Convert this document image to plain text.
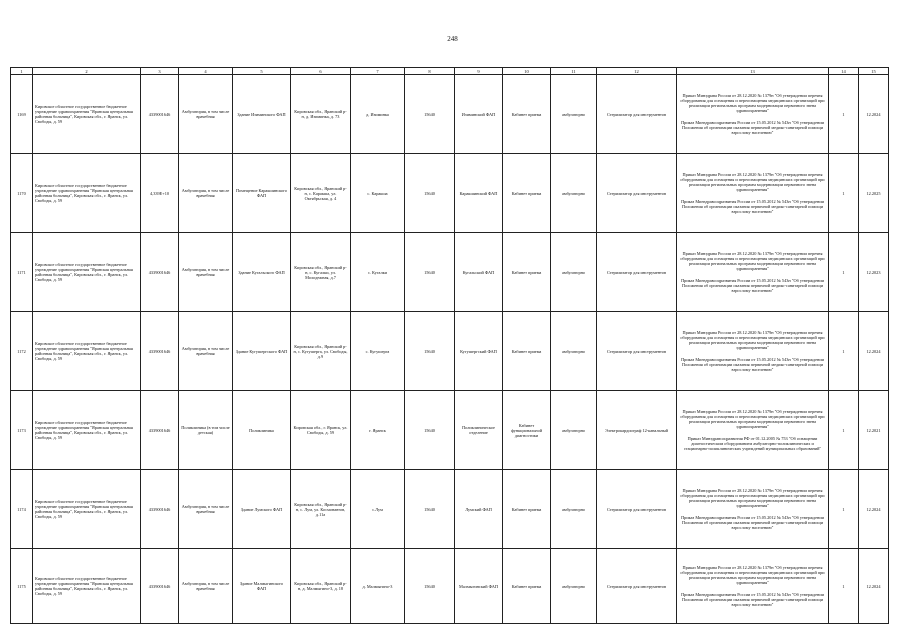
248
1	2	3	4	5	6	7	8	9	10	11	12	13	14	15
1169	Кировское областное государственное бюджетное учреждение здравоохранения "Яранская центральная районная больница", Кировская обл., г. Яранск, ул. Свободы, д. 59	4339001646	Амбулатория, в том числе врачебная	Здание Изиминского ФАП	Кировская обл., Яранский р-н, д. Изиминка, д. 73	д. Изиминка	15640	Изиминский ФАП	Кабинет приема	амбулаторно	Стерилизатор для инструментов	Приказ Минздрава России от 28.12.2020 № 1379н "Об утверждении перечня оборудования для оснащения и переоснащения медицинских организаций при реализации региональных программ модернизации первичного звена здравоохранения"
Приказ Минздравсоцразвития России от 15.05.2012 № 543н "Об утверждении Положения об организации оказания первичной медико-санитарной помощи взрослому населению"	1	12.2024
1170	Кировское областное государственное бюджетное учреждение здравоохранения "Яранская центральная районная больница", Кировская обл., г. Яранск, ул. Свободы, д. 59	4,339E+10	Амбулатория, в том числе врачебная	Помещение Каракшинского ФАП	Кировская обл., Яранский р-н, с. Каракша, ул. Октябрьская, д. 4	с. Каракша	15640	Каракшинский ФАП	Кабинет приема	амбулаторно	Стерилизатор для инструментов	Приказ Минздрава России от 28.12.2020 № 1379н "Об утверждении перечня оборудования для оснащения и переоснащения медицинских организаций при реализации региональных программ модернизации первичного звена здравоохранения"
Приказ Минздравсоцразвития России от 15.05.2012 № 543н "Об утверждении Положения об организации оказания первичной медико-санитарной помощи взрослому населению"	1	12.2025
1171	Кировское областное государственное бюджетное учреждение здравоохранения "Яранская центральная районная больница", Кировская обл., г. Яранск, ул. Свободы, д. 59	4339001646	Амбулатория, в том числе врачебная	Здание Кугальского ФАП	Кировская обл., Яранский р-н, с. Кугалки, ул. Молодежная, д.7	с. Кугалки	15640	Кугальский ФАП	Кабинет приема	амбулаторно	Стерилизатор для инструментов	Приказ Минздрава России от 28.12.2020 № 1379н "Об утверждении перечня оборудования для оснащения и переоснащения медицинских организаций при реализации региональных программ модернизации первичного звена здравоохранения"
Приказ Минздравсоцразвития России от 15.05.2012 № 543н "Об утверждении Положения об организации оказания первичной медико-санитарной помощи взрослому населению"	1	12.2023
1172	Кировское областное государственное бюджетное учреждение здравоохранения "Яранская центральная районная больница", Кировская обл., г. Яранск, ул. Свободы, д. 59	4339001646	Амбулатория, в том числе врачебная	Здание Кугушергского ФАП	Кировская обл., Яранский р-н, с. Кугушерга, ул. Свободы, д.9	с. Кугушерга	15640	Кугушергский ФАП	Кабинет приема	амбулаторно	Стерилизатор для инструментов	Приказ Минздрава России от 28.12.2020 № 1379н "Об утверждении перечня оборудования для оснащения и переоснащения медицинских организаций при реализации региональных программ модернизации первичного звена здравоохранения"
Приказ Минздравсоцразвития России от 15.05.2012 № 543н "Об утверждении Положения об организации оказания первичной медико-санитарной помощи взрослому населению"	1	12.2024
1173	Кировское областное государственное бюджетное учреждение здравоохранения "Яранская центральная районная больница", Кировская обл., г. Яранск, ул. Свободы, д. 59	4339001646	Поликлиника (в том числе детская)	Поликлиника	Кировская обл., г. Яранск, ул. Свободы, д. 59	г. Яранск	15640	Поликлиническое отделение	Кабинет функциональной диагностики	амбулаторно	Электрокардиограф 12-канальный	Приказ Минздрава России от 28.12.2020 № 1379н "Об утверждении перечня оборудования для оснащения и переоснащения медицинских организаций при реализации региональных программ модернизации первичного звена здравоохранения"
Приказ Минздравсоцразвития РФ от 01.12.2005 № 753 "Об оснащении диагностическим оборудованием амбулаторно-поликлинических и стационарно-поликлинических учреждений муниципальных образований"	1	12.2021
1174	Кировское областное государственное бюджетное учреждение здравоохранения "Яранская центральная районная больница", Кировская обл., г. Яранск, ул. Свободы, д. 59	4339001646	Амбулатория, в том числе врачебная	Здание Лумского ФАП	Кировская обл., Яранский р-н, с. Лум, ул. Космонавтов, д.11а	с.Лум	15640	Лумский ФАП	Кабинет приема	амбулаторно	Стерилизатор для инструментов	Приказ Минздрава России от 28.12.2020 № 1379н "Об утверждении перечня оборудования для оснащения и переоснащения медицинских организаций при реализации региональных программ модернизации первичного звена здравоохранения"
Приказ Минздравсоцразвития России от 15.05.2012 № 543н "Об утверждении Положения об организации оказания первичной медико-санитарной помощи взрослому населению"	1	12.2024
1175	Кировское областное государственное бюджетное учреждение здравоохранения "Яранская центральная районная больница", Кировская обл., г. Яранск, ул. Свободы, д. 59	4339001646	Амбулатория, в том числе врачебная	Здание Малмыгинского ФАП	Кировская обл., Яранский р-н, д. Малмыгино-3, д. 18	д. Малмыгино-3	15640	Малмыгинский ФАП	Кабинет приема	амбулаторно	Стерилизатор для инструментов	Приказ Минздрава России от 28.12.2020 № 1379н "Об утверждении перечня оборудования для оснащения и переоснащения медицинских организаций при реализации региональных программ модернизации первичного звена здравоохранения"
Приказ Минздравсоцразвития России от 15.05.2012 № 543н "Об утверждении Положения об организации оказания первичной медико-санитарной помощи взрослому населению"	1	12.2024
